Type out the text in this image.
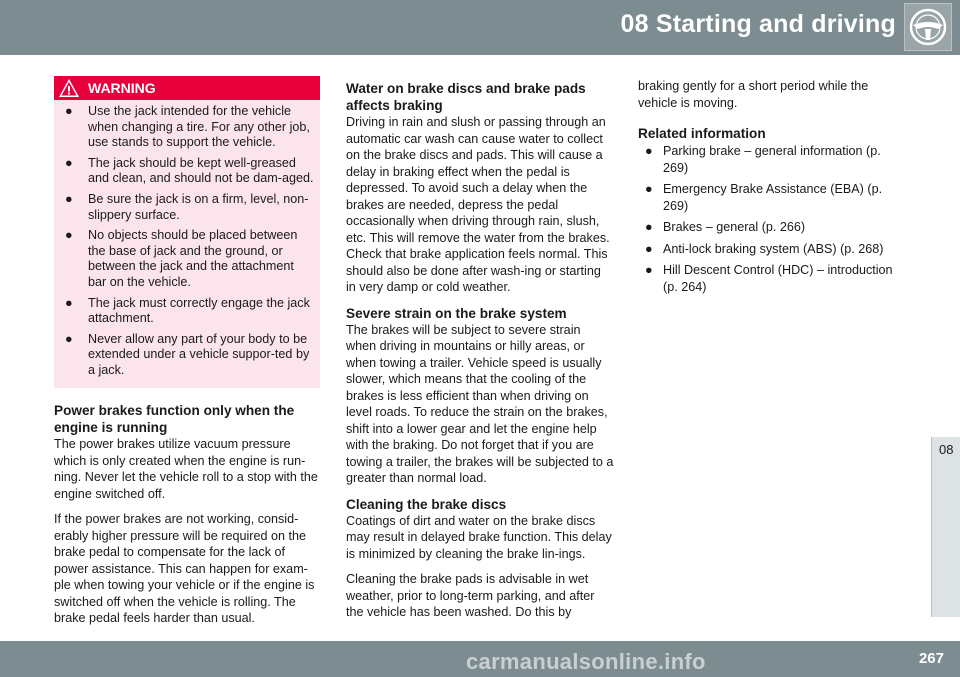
08 Starting and driving
WARNING
● Use the jack intended for the vehicle when changing a tire. For any other job, use stands to support the vehicle.
● The jack should be kept well-greased and clean, and should not be dam-aged.
● Be sure the jack is on a firm, level, non-slippery surface.
● No objects should be placed between the base of jack and the ground, or between the jack and the attachment bar on the vehicle.
● The jack must correctly engage the jack attachment.
● Never allow any part of your body to be extended under a vehicle suppor-ted by a jack.
Power brakes function only when the engine is running

The power brakes utilize vacuum pressure which is only created when the engine is run-ning. Never let the vehicle roll to a stop with the engine switched off.

If the power brakes are not working, consid-erably higher pressure will be required on the brake pedal to compensate for the lack of power assistance. This can happen for exam-ple when towing your vehicle or if the engine is switched off when the vehicle is rolling. The brake pedal feels harder than usual.

Water on brake discs and brake pads affects braking

Driving in rain and slush or passing through an automatic car wash can cause water to collect on the brake discs and pads. This will cause a delay in braking effect when the pedal is depressed. To avoid such a delay when the brakes are needed, depress the pedal occasionally when driving through rain, slush, etc. This will remove the water from the brakes. Check that brake application feels normal. This should also be done after wash-ing or starting in very damp or cold weather.

Severe strain on the brake system

The brakes will be subject to severe strain when driving in mountains or hilly areas, or when towing a trailer. Vehicle speed is usually slower, which means that the cooling of the brakes is less efficient than when driving on level roads. To reduce the strain on the brakes, shift into a lower gear and let the engine help with the braking. Do not forget that if you are towing a trailer, the brakes will be subjected to a greater than normal load.

Cleaning the brake discs

Coatings of dirt and water on the brake discs may result in delayed brake function. This delay is minimized by cleaning the brake lin-ings.

Cleaning the brake pads is advisable in wet weather, prior to long-term parking, and after the vehicle has been washed. Do this by

braking gently for a short period while the vehicle is moving.

Related information
● Parking brake – general information (p. 269)
● Emergency Brake Assistance (EBA) (p. 269)
● Brakes – general (p. 266)
● Anti-lock braking system (ABS) (p. 268)
● Hill Descent Control (HDC) – introduction (p. 264)
08
carmanualsonline.info	267
